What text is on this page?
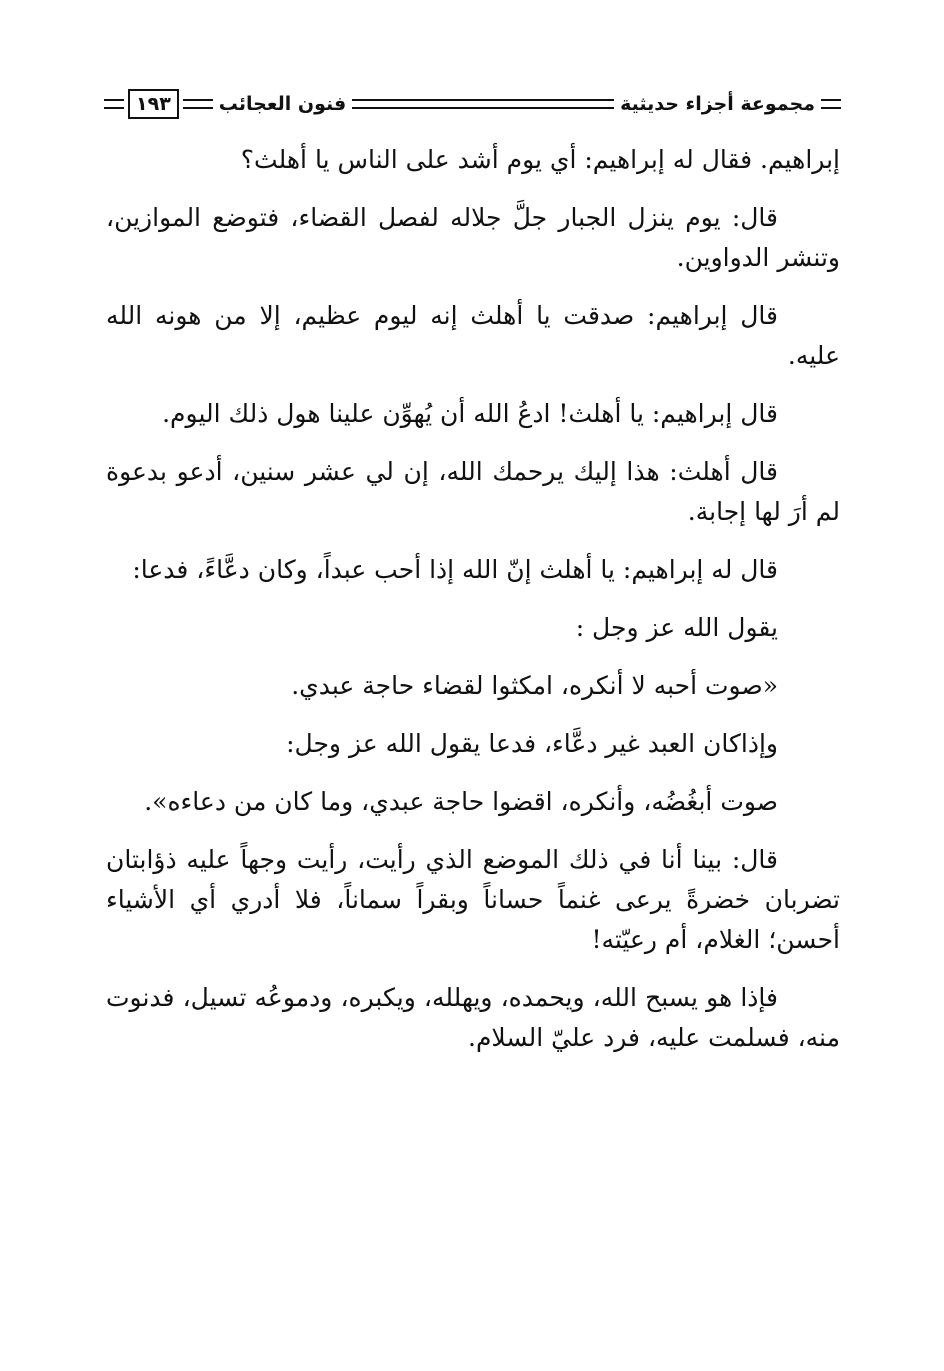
مجموعة أجزاء حديثية
فنون العجائب
١٩٣

إبراهيم. فقال له إبراهيم: أي يوم أشد على الناس يا أهلث؟

قال: يوم ينزل الجبار جلَّ جلاله لفصل القضاء، فتوضع الموازين، وتنشر الدواوين.

قال إبراهيم: صدقت يا أهلث إنه ليوم عظيم، إلا من هونه الله عليه.

قال إبراهيم: يا أهلث! ادعُ الله أن يُهوِّن علينا هول ذلك اليوم.

قال أهلث: هذا إليك يرحمك الله، إن لي عشر سنين، أدعو بدعوة لم أرَ لها إجابة.

قال له إبراهيم: يا أهلث إنّ الله إذا أحب عبداً، وكان دعَّاءً، فدعا:

يقول الله عز وجل :

«صوت أحبه لا أنكره، امكثوا لقضاء حاجة عبدي.

وإذاكان العبد غير دعَّاء، فدعا يقول الله عز وجل:

صوت أبغُضُه، وأنكره، اقضوا حاجة عبدي، وما كان من دعاءه».

قال: بينا أنا في ذلك الموضع الذي رأيت، رأيت وجهاً عليه ذؤابتان تضربان خضرةً يرعى غنماً حساناً وبقراً سماناً، فلا أدري أي الأشياء أحسن؛ الغلام، أم رعيّته!

فإذا هو يسبح الله، ويحمده، ويهلله، ويكبره، ودموعُه تسيل، فدنوت منه، فسلمت عليه، فرد عليّ السلام.
